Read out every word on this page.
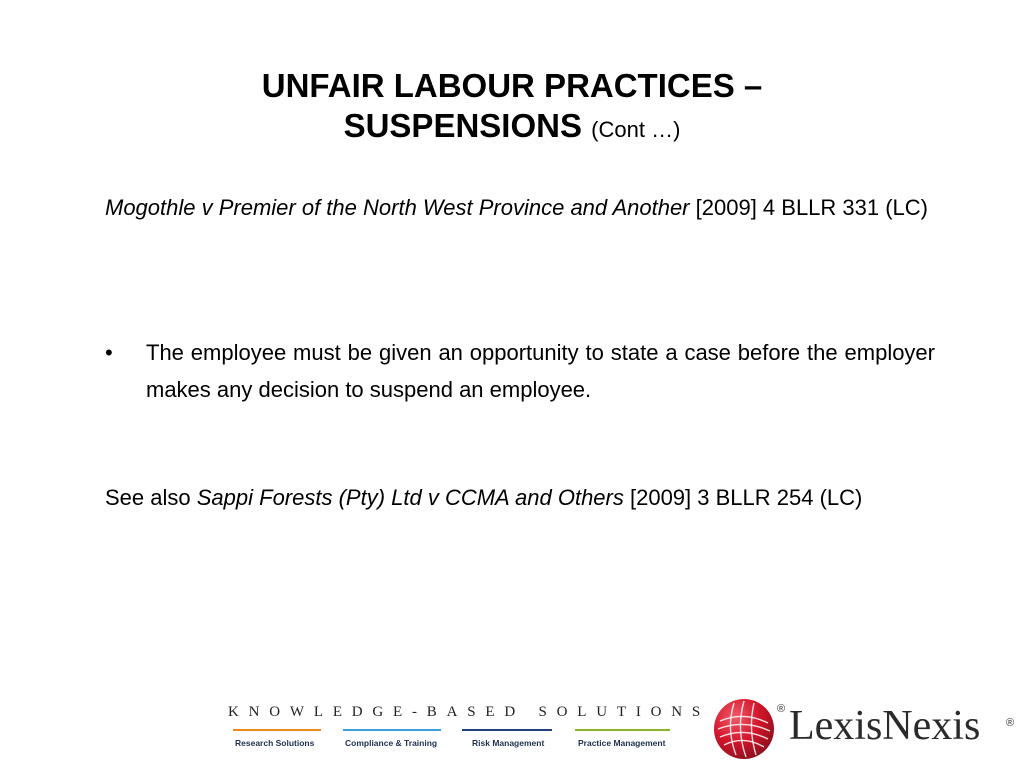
UNFAIR LABOUR PRACTICES –
SUSPENSIONS (Cont …)
Mogothle v Premier of the North West Province and Another [2009] 4 BLLR 331 (LC)
• The employee must be given an opportunity to state a case before the employer makes any decision to suspend an employee.
See also Sappi Forests (Pty) Ltd v CCMA and Others [2009] 3 BLLR 254 (LC)
KNOWLEDGE-BASED SOLUTIONS
Research Solutions	Compliance & Training	Risk Management	Practice Management
® LexisNexis ®
